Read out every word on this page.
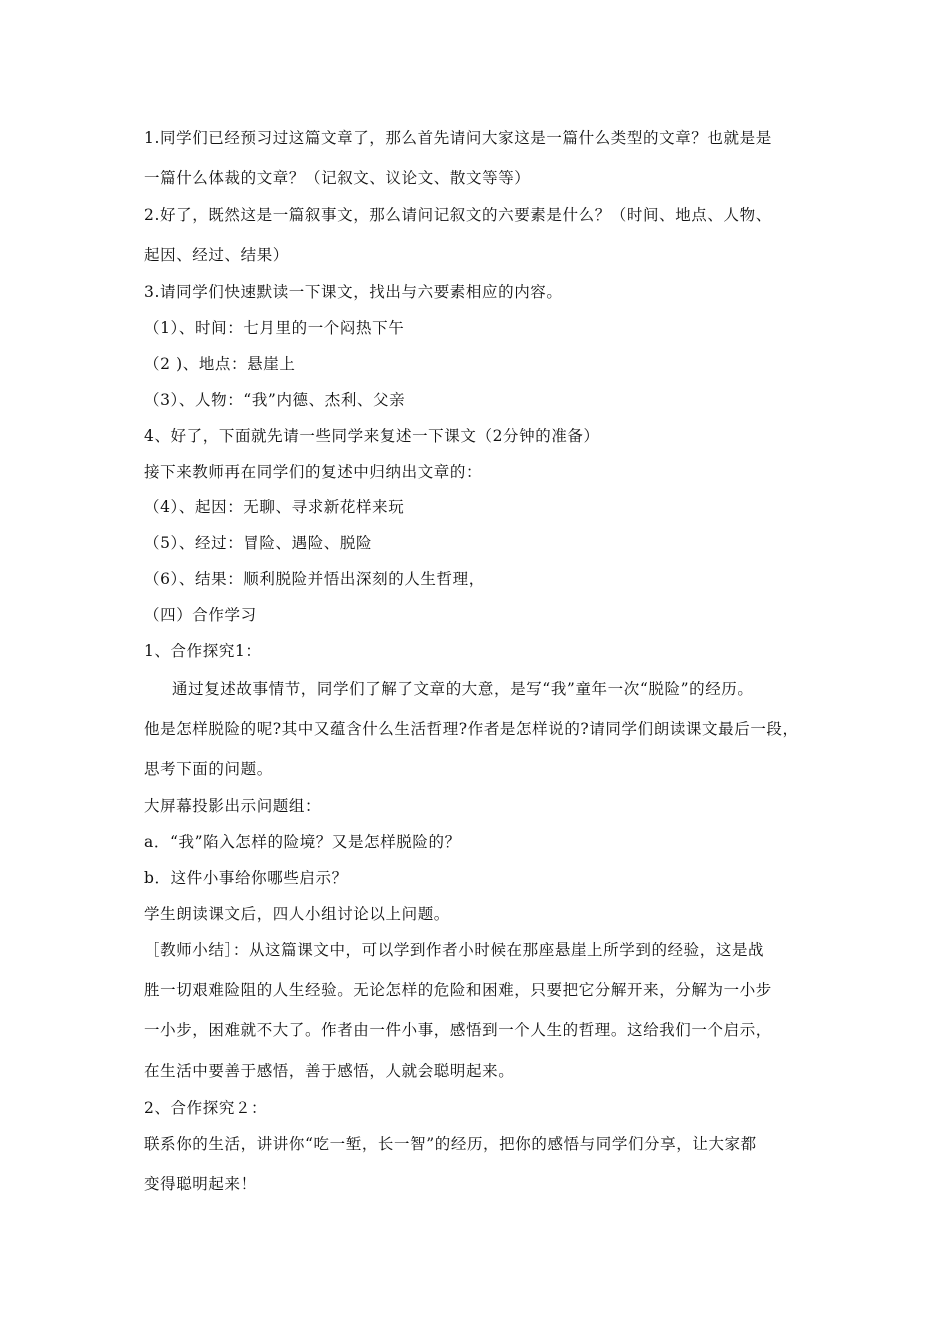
1.同学们已经预习过这篇文章了，那么首先请问大家这是一篇什么类型的文章？也就是是
一篇什么体裁的文章？（记叙文、议论文、散文等等）
2.好了，既然这是一篇叙事文，那么请问记叙文的六要素是什么？（时间、地点、人物、
起因、经过、结果）
3.请同学们快速默读一下课文，找出与六要素相应的内容。
（1）、时间：七月里的一个闷热下午
（2 )、地点：悬崖上
（3）、人物：“我”内德、杰利、父亲
4、好了，下面就先请一些同学来复述一下课文（2分钟的准备）
接下来教师再在同学们的复述中归纳出文章的：
（4）、起因：无聊、寻求新花样来玩
（5）、经过：冒险、遇险、脱险
（6）、结果：顺利脱险并悟出深刻的人生哲理，
（四）合作学习
1、合作探究1：
通过复述故事情节，同学们了解了文章的大意，是写“我”童年一次“脱险”的经历。
他是怎样脱险的呢?其中又蕴含什么生活哲理?作者是怎样说的?请同学们朗读课文最后一段，
思考下面的问题。
大屏幕投影出示问题组：
a．“我”陷入怎样的险境？又是怎样脱险的？
b．这件小事给你哪些启示？
学生朗读课文后，四人小组讨论以上问题。
［教师小结］：从这篇课文中，可以学到作者小时候在那座悬崖上所学到的经验，这是战
胜一切艰难险阻的人生经验。无论怎样的危险和困难，只要把它分解开来，分解为一小步
一小步，困难就不大了。作者由一件小事，感悟到一个人生的哲理。这给我们一个启示，
在生活中要善于感悟，善于感悟，人就会聪明起来。
2、合作探究２：
联系你的生活，讲讲你“吃一堑，长一智”的经历，把你的感悟与同学们分享，让大家都
变得聪明起来！
